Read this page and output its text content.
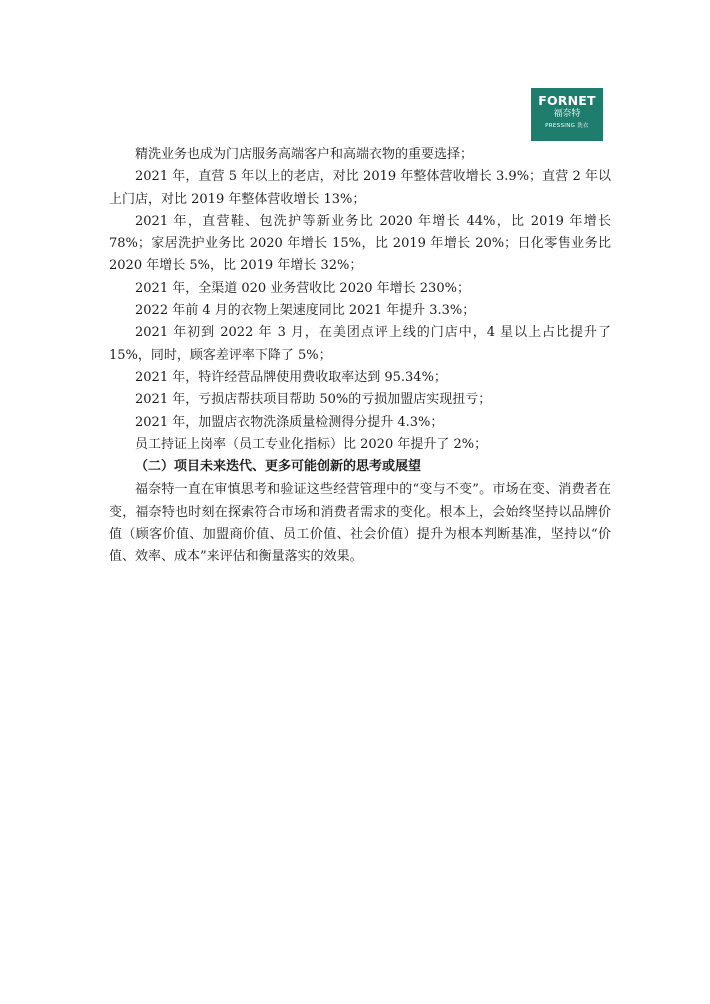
FORNET
福奈特
PRESSING 洗衣

精洗业务也成为门店服务高端客户和高端衣物的重要选择；

2021 年，直营 5 年以上的老店，对比 2019 年整体营收增长 3.9%；直营 2 年以上门店，对比 2019 年整体营收增长 13%；

2021 年，直营鞋、包洗护等新业务比 2020 年增长 44%，比 2019 年增长 78%；家居洗护业务比 2020 年增长 15%，比 2019 年增长 20%；日化零售业务比 2020 年增长 5%，比 2019 年增长 32%；

2021 年，全渠道 020 业务营收比 2020 年增长 230%；

2022 年前 4 月的衣物上架速度同比 2021 年提升 3.3%；

2021 年初到 2022 年 3 月，在美团点评上线的门店中，4 星以上占比提升了 15%，同时，顾客差评率下降了 5%；

2021 年，特许经营品牌使用费收取率达到 95.34%；

2021 年，亏损店帮扶项目帮助 50%的亏损加盟店实现扭亏；

2021 年，加盟店衣物洗涤质量检测得分提升 4.3%；

员工持证上岗率（员工专业化指标）比 2020 年提升了 2%；

（二）项目未来迭代、更多可能创新的思考或展望

福奈特一直在审慎思考和验证这些经营管理中的“变与不变”。市场在变、消费者在变，福奈特也时刻在探索符合市场和消费者需求的变化。根本上，会始终坚持以品牌价值（顾客价值、加盟商价值、员工价值、社会价值）提升为根本判断基准，坚持以“价值、效率、成本”来评估和衡量落实的效果。
